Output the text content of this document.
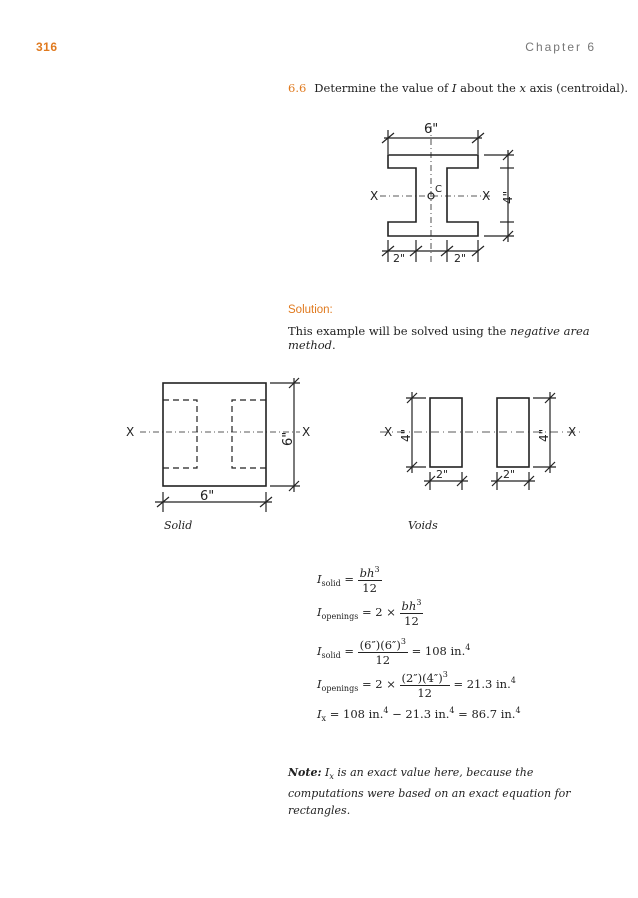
316	Chapter 6
6.6 Determine the value of I about the x axis (centroidal).
6"
X	X
C
4"
2"	2"
Solution:
This example will be solved using the negative area method.
X	X
6"
6"	X	X
4"	4"
2"	2"
Solid	Voids
$I_{solid} = \frac{bh^3}{12}$
$I_{openings} = 2 \times \frac{bh^3}{12}$
$I_{solid} = \frac{(6'')(6'')^3}{12} = 108$ in.$^4$
$I_{openings} = 2 \times \frac{(2'')(4'')^3}{12} = 21.3$ in.$^4$
$I_x = 108$ in.$^4$ − 21.3 in.$^4$ = 86.7 in.$^4$
Note: $I_x$ is an exact value here, because the computations were based on an exact equation for rectangles.
